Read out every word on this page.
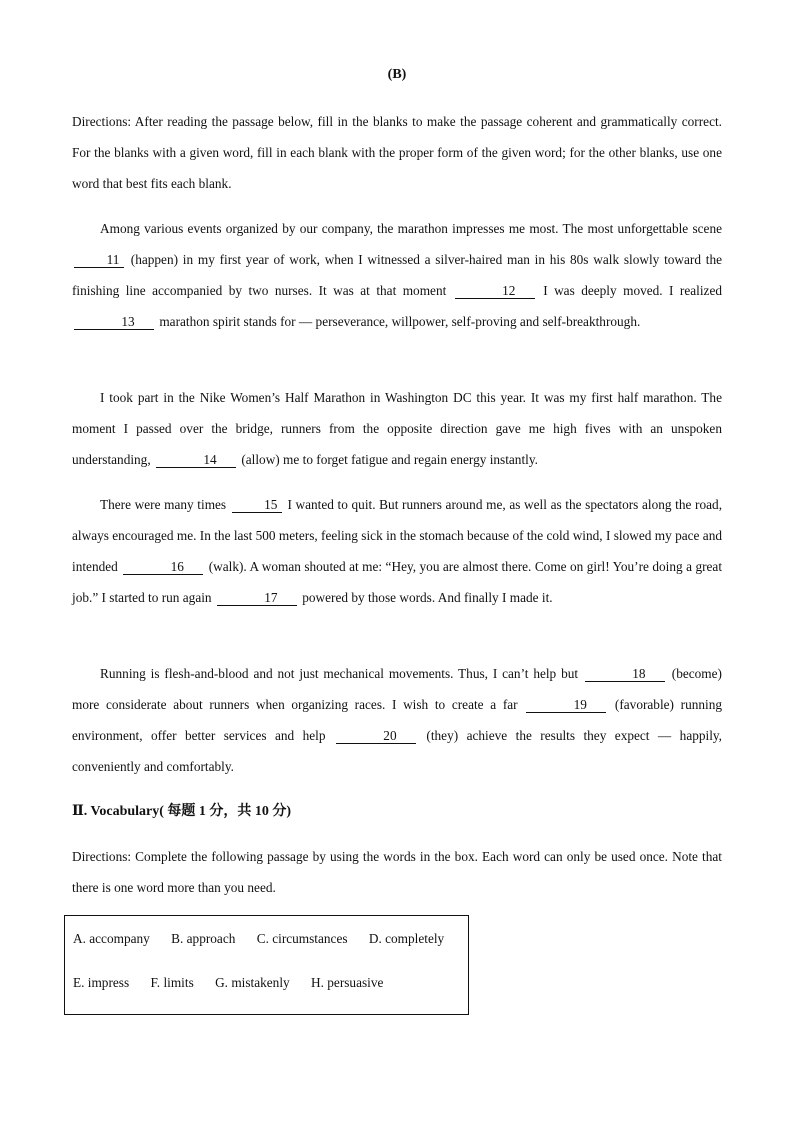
(B)
Directions: After reading the passage below, fill in the blanks to make the passage coherent and grammatically correct. For the blanks with a given word, fill in each blank with the proper form of the given word; for the other blanks, use one word that best fits each blank.
Among various events organized by our company, the marathon impresses me most. The most unforgettable scene 11 (happen) in my first year of work, when I witnessed a silver-haired man in his 80s walk slowly toward the finishing line accompanied by two nurses. It was at that moment	12 I was deeply moved. I realized 13 marathon spirit stands for — perseverance, willpower, self-proving and self-breakthrough.
I took part in the Nike Women’s Half Marathon in Washington DC this year. It was my first half marathon. The moment I passed over the bridge, runners from the opposite direction gave me high fives with an unspoken understanding,	14 (allow) me to forget fatigue and regain energy instantly.
There were many times	15 I wanted to quit. But runners around me, as well as the spectators along the road, always encouraged me. In the last 500 meters, feeling sick in the stomach because of the cold wind, I slowed my pace and intended	16 (walk). A woman shouted at me: “Hey, you are almost there. Come on girl! You’re doing a great job.” I started to run again	17 powered by those words. And finally I made it.
Running is flesh-and-blood and not just mechanical movements. Thus, I can’t help but	18 (become) more considerate about runners when organizing races. I wish to create a far	19 (favorable) running environment, offer better services and help	20 (they) achieve the results they expect — happily, conveniently and comfortably.
Ⅱ. Vocabulary( 每题 1 分，共 10 分)
Directions: Complete the following passage by using the words in the box. Each word can only be used once. Note that there is one word more than you need.
A. accompany B. approach C. circumstances D. completely
E. impress F. limits G. mistakenly H. persuasive
